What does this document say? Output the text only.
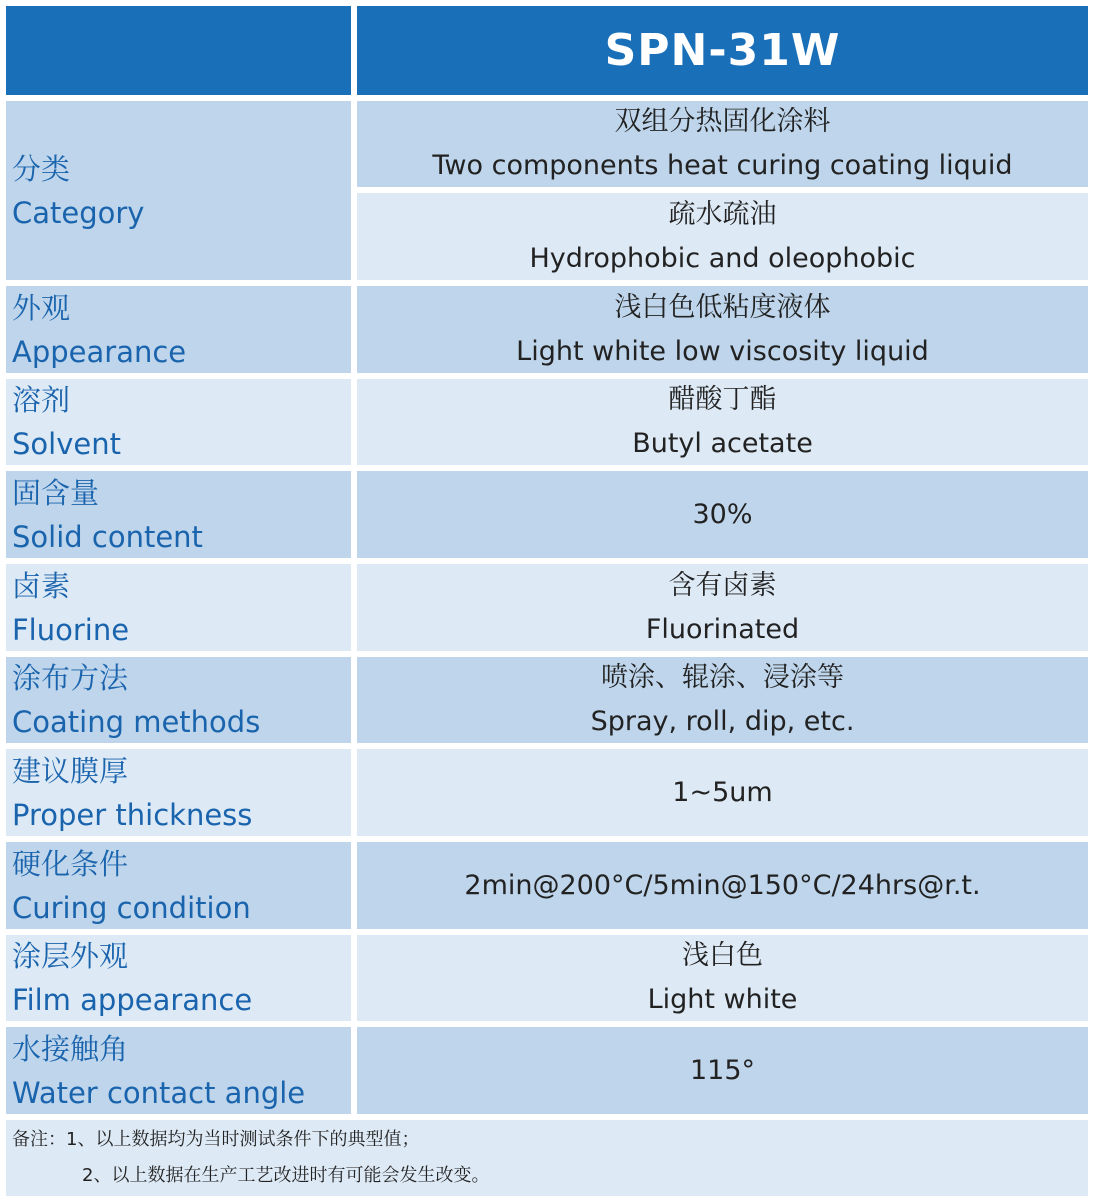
SPN-31W
分类
Category
双组分热固化涂料
Two components heat curing coating liquid
疏水疏油
Hydrophobic and oleophobic
外观
Appearance
浅白色低粘度液体
Light white low viscosity liquid
溶剂
Solvent
醋酸丁酯
Butyl acetate
固含量
Solid content
30%
卤素
Fluorine
含有卤素
Fluorinated
涂布方法
Coating methods
喷涂、辊涂、浸涂等
Spray, roll, dip, etc.
建议膜厚
Proper thickness
1~5um
硬化条件
Curing condition
2min@200°C/5min@150°C/24hrs@r.t.
涂层外观
Film appearance
浅白色
Light white
水接触角
Water contact angle
115°
备注：1、以上数据均为当时测试条件下的典型值；
2、以上数据在生产工艺改进时有可能会发生改变。
